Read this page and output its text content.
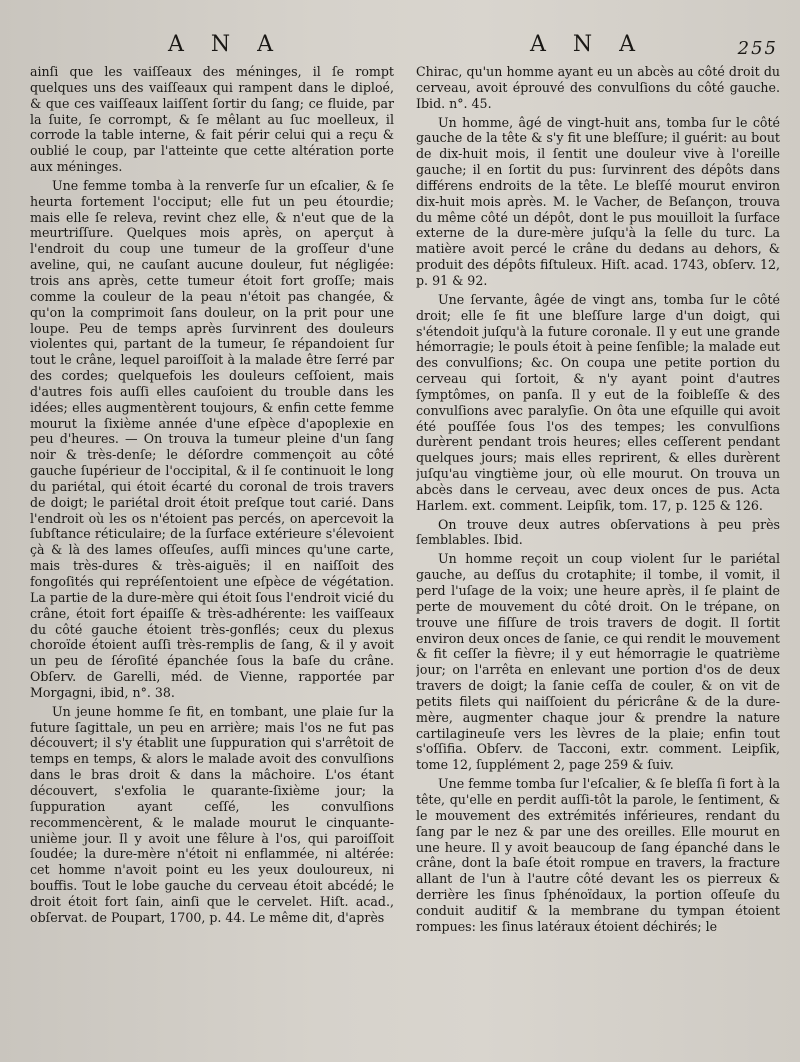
A N A	A N A	255

ainſi que les vaiſſeaux des méninges, il ſe rompt quelques uns des vaiſſeaux qui rampent dans le diploé, & que ces vaiſſeaux laiſſent ſortir du ſang; ce fluide, par la ſuite, ſe corrompt, & ſe mêlant au ſuc moelleux, il corrode la table interne, & fait périr celui qui a reçu & oublié le coup, par l'atteinte que cette altération porte aux méninges.

Une femme tomba à la renverſe ſur un eſcalier, & ſe heurta fortement l'occiput; elle fut un peu étourdie; mais elle ſe releva, revint chez elle, & n'eut que de la meurtriſſure. Quelques mois après, on aperçut à l'endroit du coup une tumeur de la groſſeur d'une aveline, qui, ne cauſant aucune douleur, fut négligée: trois ans après, cette tumeur étoit fort groſſe; mais comme la couleur de la peau n'étoit pas changée, & qu'on la comprimoit ſans douleur, on la prit pour une loupe. Peu de temps après ſurvinrent des douleurs violentes qui, partant de la tumeur, ſe répandoient ſur tout le crâne, lequel paroiſſoit à la malade être ſerré par des cordes; quelquefois les douleurs ceſſoient, mais d'autres fois auſſi elles cauſoient du trouble dans les idées; elles augmentèrent toujours, & enfin cette femme mourut la ſixième année d'une eſpèce d'apoplexie en peu d'heures. — On trouva la tumeur pleine d'un ſang noir & très-denſe; le déſordre commençoit au côté gauche ſupérieur de l'occipital, & il ſe continuoit le long du pariétal, qui étoit écarté du coronal de trois travers de doigt; le pariétal droit étoit preſque tout carié. Dans l'endroit où les os n'étoient pas percés, on apercevoit la ſubſtance réticulaire; de la ſurface extérieure s'élevoient çà & là des lames oſſeuſes, auſſi minces qu'une carte, mais très-dures & très-aiguës; il en naiſſoit des fongoſités qui repréſentoient une eſpèce de végétation. La partie de la dure-mère qui étoit ſous l'endroit vicié du crâne, étoit fort épaiſſe & très-adhérente: les vaiſſeaux du côté gauche étoient très-gonflés; ceux du plexus choroïde étoient auſſi très-remplis de ſang, & il y avoit un peu de ſéroſité épanchée ſous la baſe du crâne. Obſerv. de Garelli, méd. de Vienne, rapportée par Morgagni, ibid, n°. 38.

Un jeune homme ſe fit, en tombant, une plaie ſur la future ſagittale, un peu en arrière; mais l'os ne fut pas découvert; il s'y établit une ſuppuration qui s'arrêtoit de temps en temps, & alors le malade avoit des convulſions dans le bras droit & dans la mâchoire. L'os étant découvert, s'exfolia le quarante-ſixième jour; la ſuppuration ayant ceſſé, les convulſions recommencèrent, & le malade mourut le cinquante-unième jour. Il y avoit une fêlure à l'os, qui paroiſſoit ſoudée; la dure-mère n'étoit ni enflammée, ni altérée: cet homme n'avoit point eu les yeux douloureux, ni bouffis. Tout le lobe gauche du cerveau étoit abcédé; le droit étoit fort ſain, ainſi que le cervelet. Hiſt. acad., obſervat. de Poupart, 1700, p. 44. Le même dit, d'après

Chirac, qu'un homme ayant eu un abcès au côté droit du cerveau, avoit éprouvé des convulſions du côté gauche. Ibid. n°. 45.

Un homme, âgé de vingt-huit ans, tomba ſur le côté gauche de la tête & s'y fit une bleſſure; il guérit: au bout de dix-huit mois, il ſentit une douleur vive à l'oreille gauche; il en ſortit du pus: ſurvinrent des dépôts dans différens endroits de la tête. Le bleſſé mourut environ dix-huit mois après. M. le Vacher, de Beſançon, trouva du même côté un dépôt, dont le pus mouilloit la ſurface externe de la dure-mère juſqu'à la ſelle du turc. La matière avoit percé le crâne du dedans au dehors, & produit des dépôts fiſtuleux. Hiſt. acad. 1743, obſerv. 12, p. 91 & 92.

Une ſervante, âgée de vingt ans, tomba ſur le côté droit; elle ſe fit une bleſſure large d'un doigt, qui s'étendoit juſqu'à la future coronale. Il y eut une grande hémorragie; le pouls étoit à peine ſenſible; la malade eut des convulſions; &c. On coupa une petite portion du cerveau qui ſortoit, & n'y ayant point d'autres ſymptômes, on panſa. Il y eut de la foibleſſe & des convulſions avec paralyſie. On ôta une eſquille qui avoit été pouſſée ſous l'os des tempes; les convulſions durèrent pendant trois heures; elles ceſſerent pendant quelques jours; mais elles reprirent, & elles durèrent juſqu'au vingtième jour, où elle mourut. On trouva un abcès dans le cerveau, avec deux onces de pus. Acta Harlem. ext. comment. Leipſik, tom. 17, p. 125 & 126.

On trouve deux autres obſervations à peu près ſemblables. Ibid.

Un homme reçoit un coup violent ſur le pariétal gauche, au deſſus du crotaphite; il tombe, il vomit, il perd l'uſage de la voix; une heure après, il ſe plaint de perte de mouvement du côté droit. On le trépane, on trouve une fiſſure de trois travers de dogit. Il ſortit environ deux onces de ſanie, ce qui rendit le mouvement & fit ceſſer la fièvre; il y eut hémorragie le quatrième jour; on l'arrêta en enlevant une portion d'os de deux travers de doigt; la ſanie ceſſa de couler, & on vit de petits filets qui naiſſoient du péricrâne & de la dure-mère, augmenter chaque jour & prendre la nature cartilagineuſe vers les lèvres de la plaie; enfin tout s'oſſifia. Obſerv. de Tacconi, extr. comment. Leipſik, tome 12, ſupplément 2, page 259 & ſuiv.

Une femme tomba ſur l'eſcalier, & ſe bleſſa ſi fort à la tête, qu'elle en perdit auſſi-tôt la parole, le ſentiment, & le mouvement des extrémités inférieures, rendant du ſang par le nez & par une des oreilles. Elle mourut en une heure. Il y avoit beaucoup de ſang épanché dans le crâne, dont la baſe étoit rompue en travers, la fracture allant de l'un à l'autre côté devant les os pierreux & derrière les ſinus ſphénoïdaux, la portion oſſeuſe du conduit auditif & la membrane du tympan étoient rompues: les ſinus latéraux étoient déchirés; le
